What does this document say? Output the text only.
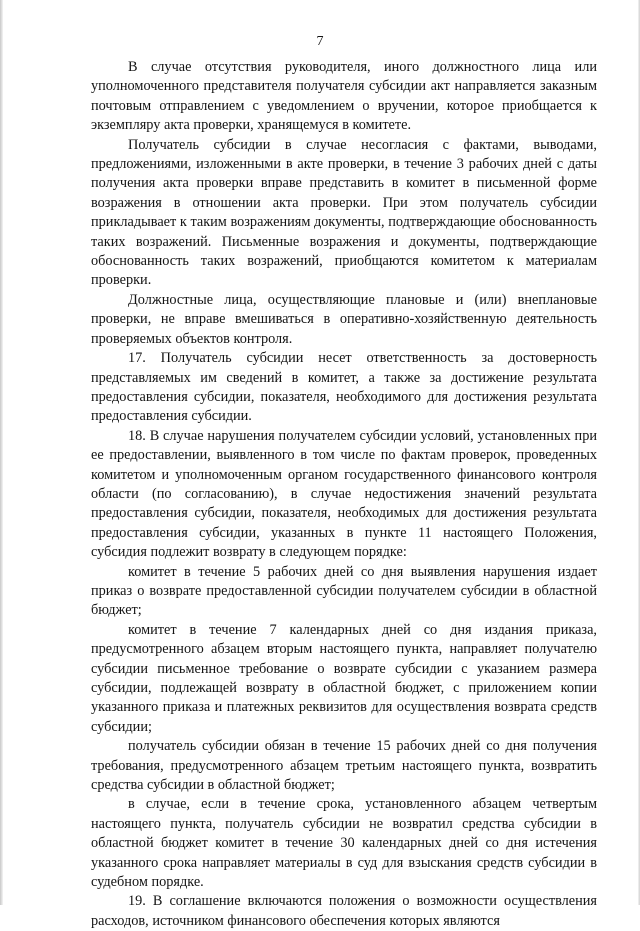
7

В случае отсутствия руководителя, иного должностного лица или уполномоченного представителя получателя субсидии акт направляется заказным почтовым отправлением с уведомлением о вручении, которое приобщается к экземпляру акта проверки, хранящемуся в комитете.

Получатель субсидии в случае несогласия с фактами, выводами, предложениями, изложенными в акте проверки, в течение 3 рабочих дней с даты получения акта проверки вправе представить в комитет в письменной форме возражения в отношении акта проверки. При этом получатель субсидии прикладывает к таким возражениям документы, подтверждающие обоснованность таких возражений. Письменные возражения и документы, подтверждающие обоснованность таких возражений, приобщаются комитетом к материалам проверки.

Должностные лица, осуществляющие плановые и (или) внеплановые проверки, не вправе вмешиваться в оперативно-хозяйственную деятельность проверяемых объектов контроля.

17. Получатель субсидии несет ответственность за достоверность представляемых им сведений в комитет, а также за достижение результата предоставления субсидии, показателя, необходимого для достижения результата предоставления субсидии.

18. В случае нарушения получателем субсидии условий, установленных при ее предоставлении, выявленного в том числе по фактам проверок, проведенных комитетом и уполномоченным органом государственного финансового контроля области (по согласованию), в случае недостижения значений результата предоставления субсидии, показателя, необходимых для достижения результата предоставления субсидии, указанных в пункте 11 настоящего Положения, субсидия подлежит возврату в следующем порядке:

комитет в течение 5 рабочих дней со дня выявления нарушения издает приказ о возврате предоставленной субсидии получателем субсидии в областной бюджет;

комитет в течение 7 календарных дней со дня издания приказа, предусмотренного абзацем вторым настоящего пункта, направляет получателю субсидии письменное требование о возврате субсидии с указанием размера субсидии, подлежащей возврату в областной бюджет, с приложением копии указанного приказа и платежных реквизитов для осуществления возврата средств субсидии;

получатель субсидии обязан в течение 15 рабочих дней со дня получения требования, предусмотренного абзацем третьим настоящего пункта, возвратить средства субсидии в областной бюджет;

в случае, если в течение срока, установленного абзацем четвертым настоящего пункта, получатель субсидии не возвратил средства субсидии в областной бюджет комитет в течение 30 календарных дней со дня истечения указанного срока направляет материалы в суд для взыскания средств субсидии в судебном порядке.

19. В соглашение включаются положения о возможности осуществления расходов, источником финансового обеспечения которых являются
